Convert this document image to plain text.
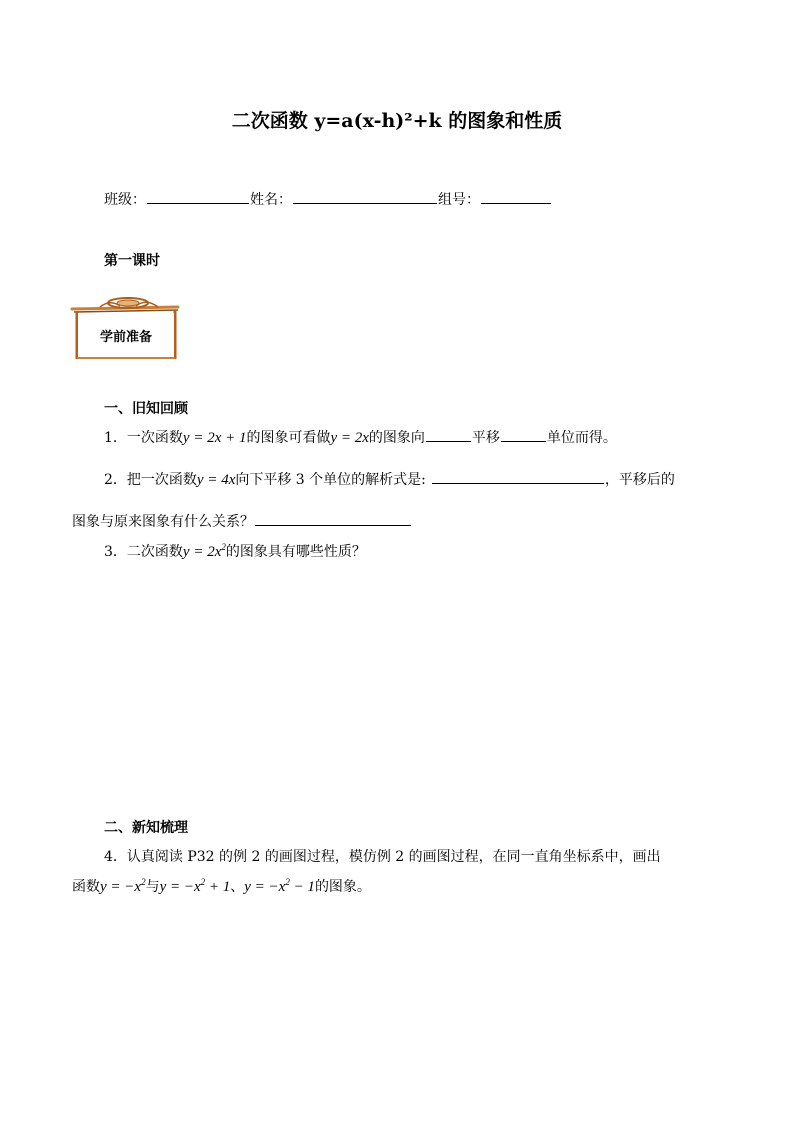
二次函数 y=a(x-h)²+k 的图象和性质
班级：	姓名：	组号：
第一课时
学前准备
一、旧知回顾
1．一次函数y = 2x + 1的图象可看做y = 2x的图象向	平移	单位而得。
2．把一次函数y = 4x向下平移 3 个单位的解析式是:	，平移后的
图象与原来图象有什么关系？
3．二次函数$y = 2x^2$的图象具有哪些性质？
二、新知梳理
4．认真阅读 P32 的例 2 的画图过程，模仿例 2 的画图过程，在同一直角坐标系中，画出
函数$y = -x^2$与$y = -x^2 + 1$、$y = -x^2 - 1$的图象。
